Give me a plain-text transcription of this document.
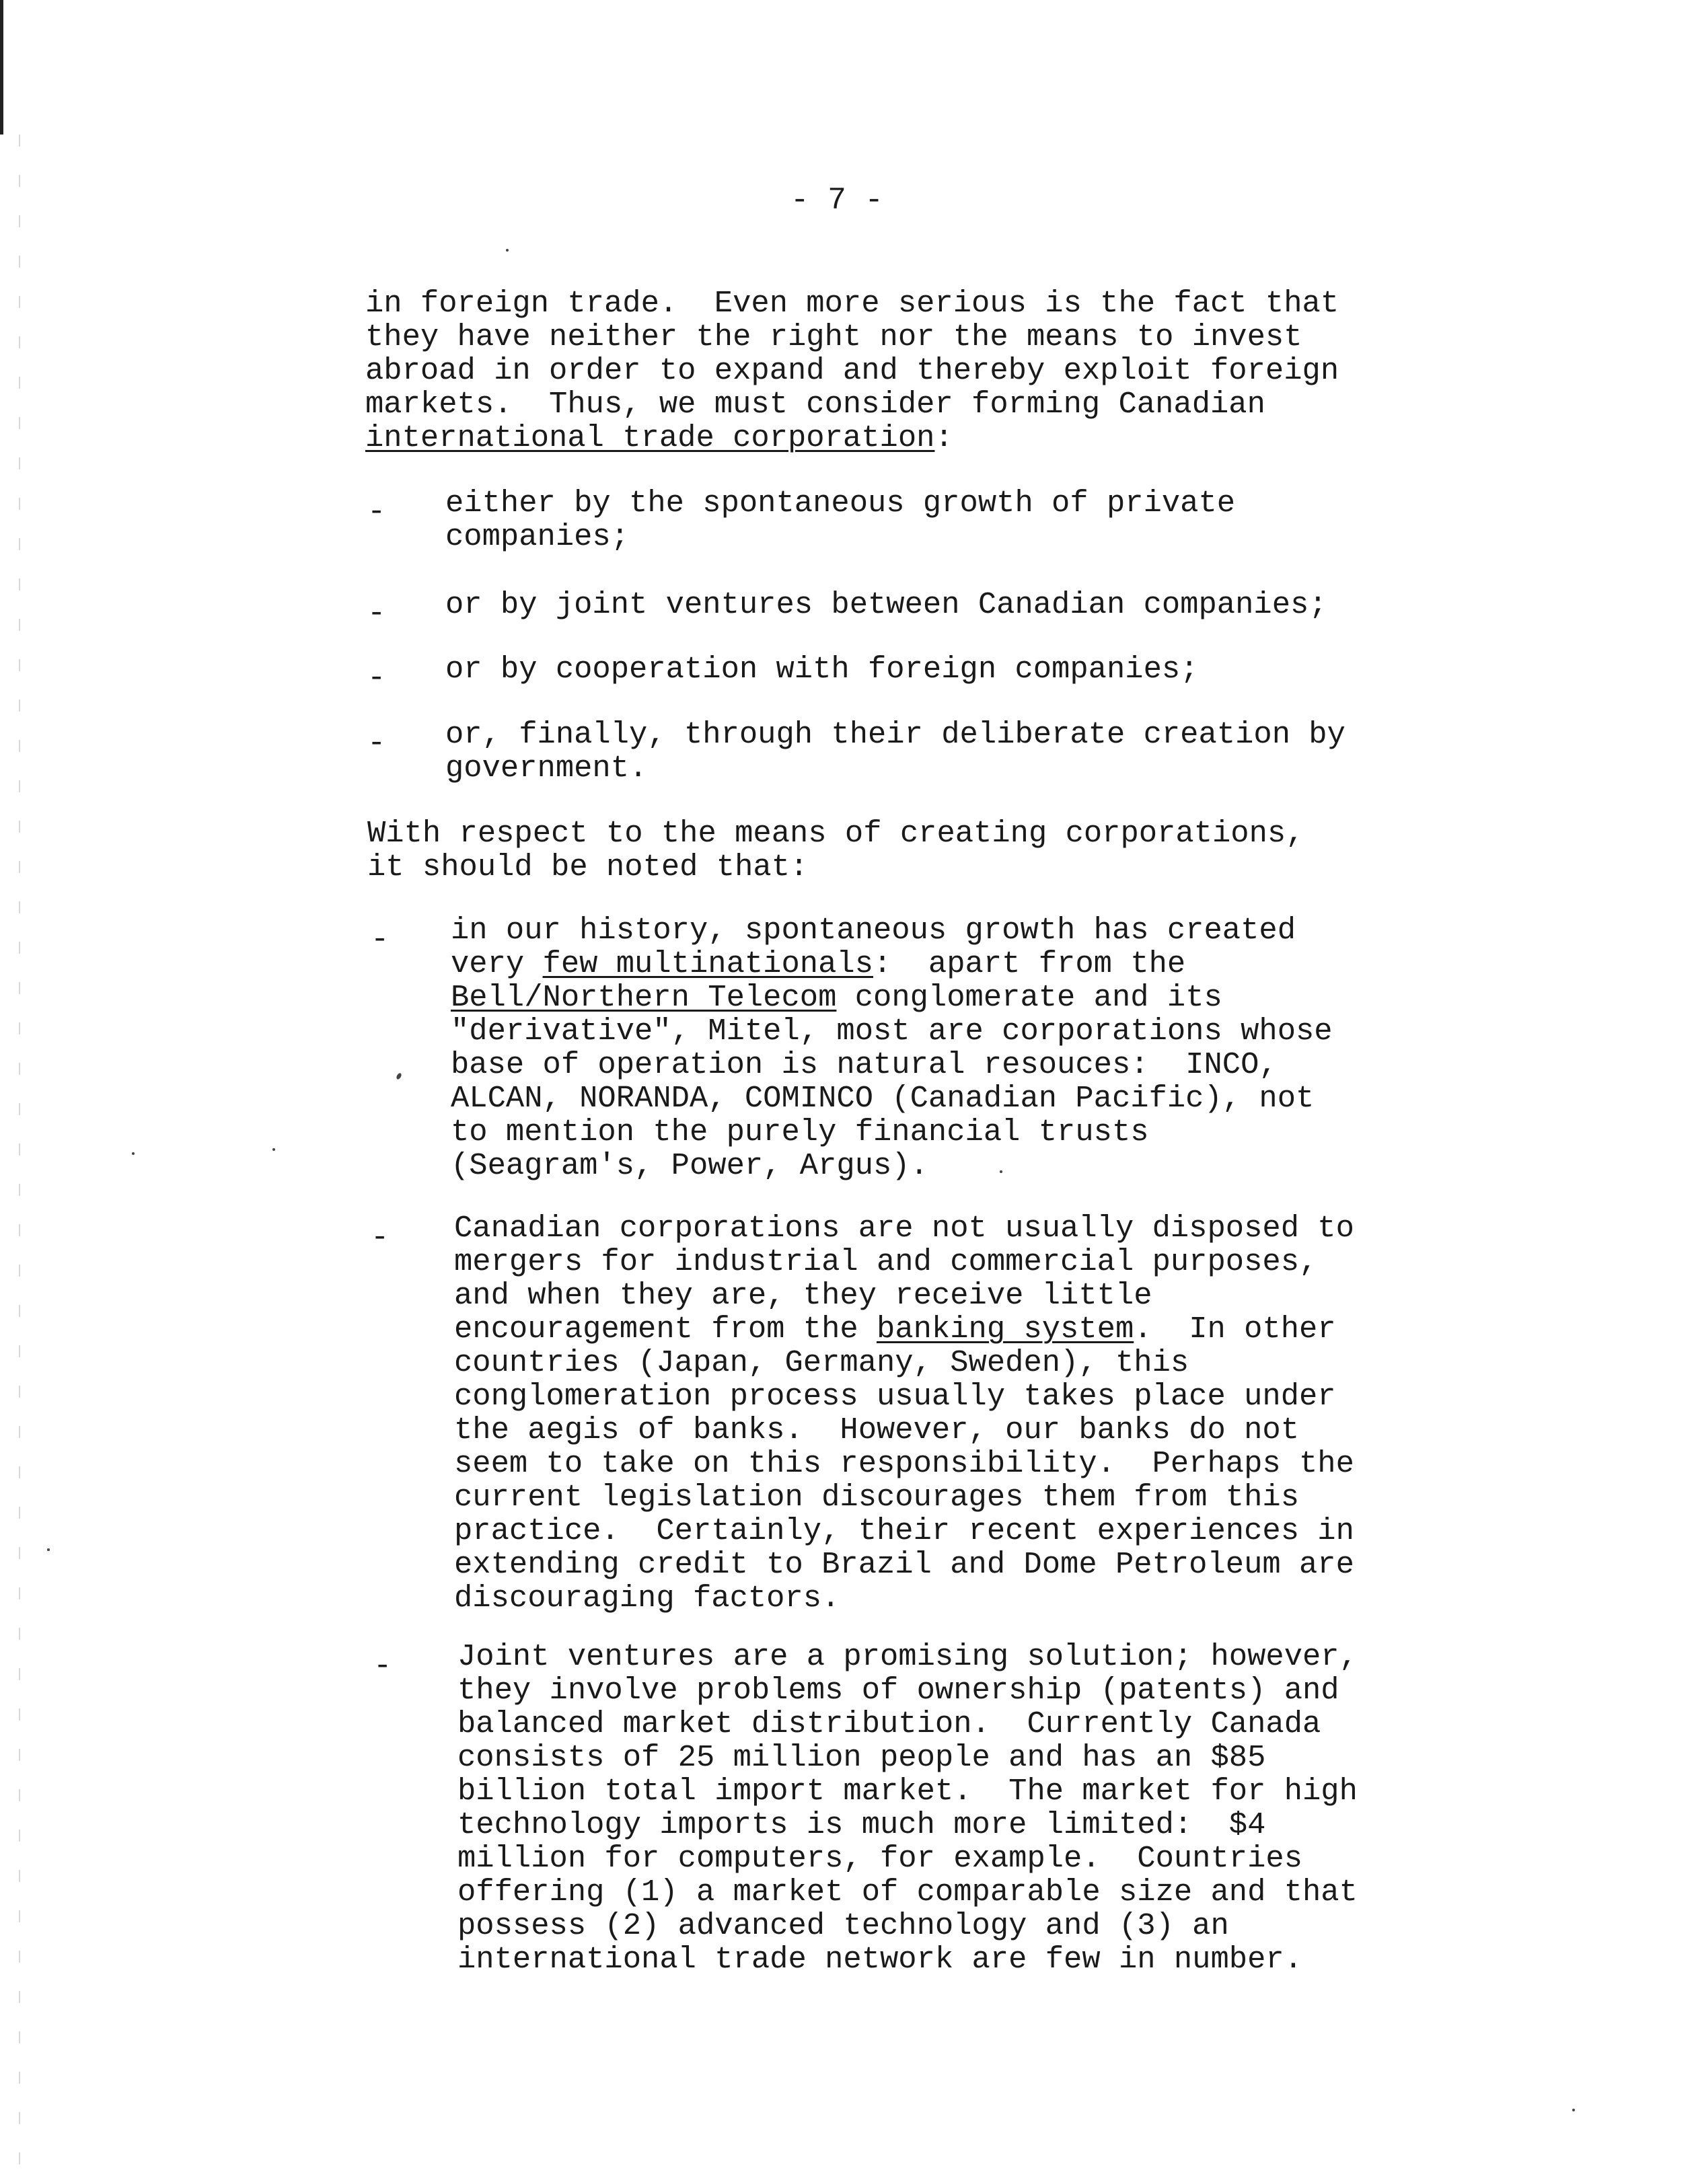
- 7 -
in foreign trade.  Even more serious is the fact that
they have neither the right nor the means to invest
abroad in order to expand and thereby exploit foreign
markets.  Thus, we must consider forming Canadian
international trade corporation:
- either by the spontaneous growth of private
companies;
- or by joint ventures between Canadian companies;
- or by cooperation with foreign companies;
- or, finally, through their deliberate creation by
government.
With respect to the means of creating corporations,
it should be noted that:
- in our history, spontaneous growth has created
very few multinationals:  apart from the
Bell/Northern Telecom conglomerate and its
"derivative", Mitel, most are corporations whose
base of operation is natural resouces:  INCO,
ALCAN, NORANDA, COMINCO (Canadian Pacific), not
to mention the purely financial trusts
(Seagram's, Power, Argus).
- Canadian corporations are not usually disposed to
mergers for industrial and commercial purposes,
and when they are, they receive little
encouragement from the banking system.  In other
countries (Japan, Germany, Sweden), this
conglomeration process usually takes place under
the aegis of banks.  However, our banks do not
seem to take on this responsibility.  Perhaps the
current legislation discourages them from this
practice.  Certainly, their recent experiences in
extending credit to Brazil and Dome Petroleum are
discouraging factors.
- Joint ventures are a promising solution; however,
they involve problems of ownership (patents) and
balanced market distribution.  Currently Canada
consists of 25 million people and has an $85
billion total import market.  The market for high
technology imports is much more limited:  $4
million for computers, for example.  Countries
offering (1) a market of comparable size and that
possess (2) advanced technology and (3) an
international trade network are few in number.
